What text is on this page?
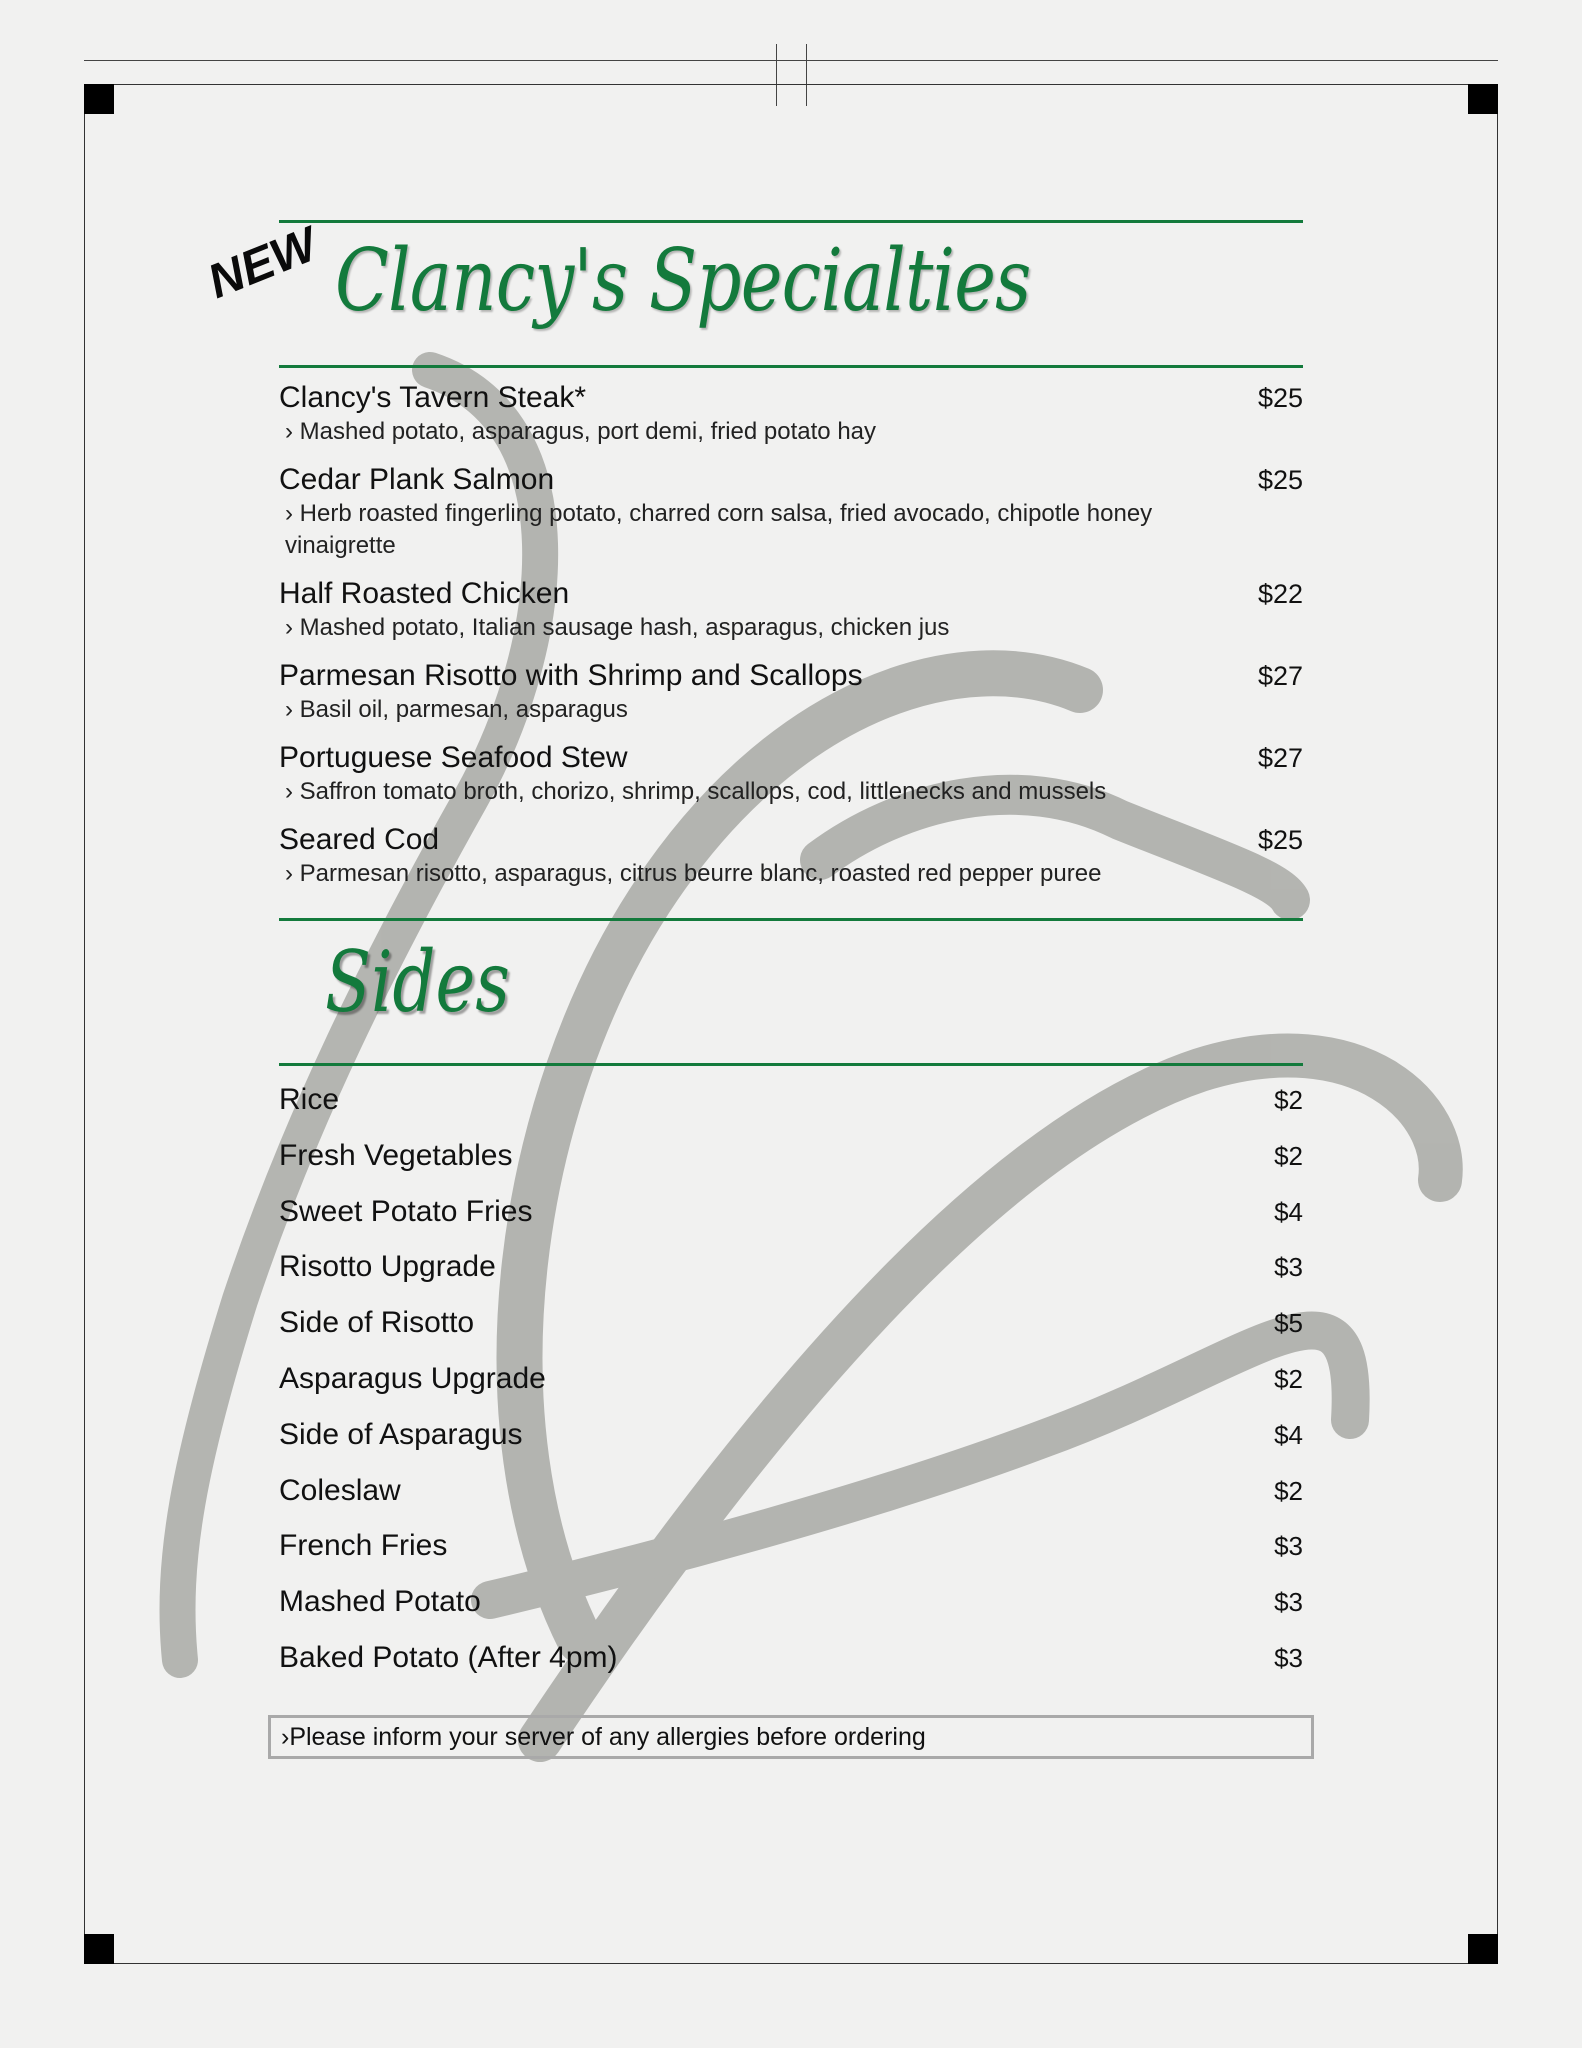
NEW Clancy's Specialties
Clancy's Tavern Steak*	$25
› Mashed potato, asparagus, port demi, fried potato hay
Cedar Plank Salmon	$25
› Herb roasted fingerling potato, charred corn salsa, fried avocado, chipotle honey vinaigrette
Half Roasted Chicken	$22
› Mashed potato, Italian sausage hash, asparagus, chicken jus
Parmesan Risotto with Shrimp and Scallops	$27
› Basil oil, parmesan, asparagus
Portuguese Seafood Stew	$27
› Saffron tomato broth, chorizo, shrimp, scallops, cod, littlenecks and mussels
Seared Cod	$25
› Parmesan risotto, asparagus, citrus beurre blanc, roasted red pepper puree
Sides
Rice	$2
Fresh Vegetables	$2
Sweet Potato Fries	$4
Risotto Upgrade	$3
Side of Risotto	$5
Asparagus Upgrade	$2
Side of Asparagus	$4
Coleslaw	$2
French Fries	$3
Mashed Potato	$3
Baked Potato (After 4pm)	$3
›Please inform your server of any allergies before ordering
